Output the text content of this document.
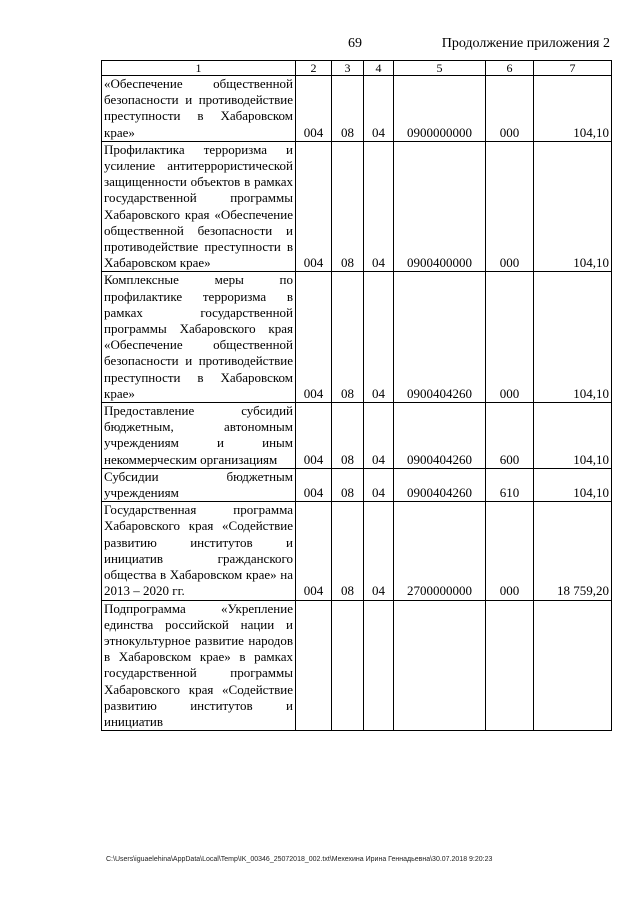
69	Продолжение приложения 2
1	2	3	4	5	6	7
«Обеспечение общественной безопасности и противодействие преступности в Хабаровском крае»	004	08	04	0900000000	000	104,10
Профилактика терроризма и усиление антитеррористической защищенности объектов в рамках государственной программы Хабаровского края «Обеспечение общественной безопасности и противодействие преступности в Хабаровском крае»	004	08	04	0900400000	000	104,10
Комплексные меры по профилактике терроризма в рамках государственной программы Хабаровского края «Обеспечение общественной безопасности и противодействие преступности в Хабаровском крае»	004	08	04	0900404260	000	104,10
Предоставление субсидий бюджетным, автономным учреждениям и иным некоммерческим организациям	004	08	04	0900404260	600	104,10
Субсидии бюджетным учреждениям	004	08	04	0900404260	610	104,10
Государственная программа Хабаровского края «Содействие развитию институтов и инициатив гражданского общества в Хабаровском крае» на 2013 – 2020 гг.	004	08	04	2700000000	000	18 759,20
Подпрограмма «Укрепление единства российской нации и этнокультурное развитие народов в Хабаровском крае» в рамках государственной программы Хабаровского края «Содействие развитию институтов и инициатив						
C:\Users\iguaelehina\AppData\Local\Temp\IK_00346_25072018_002.txt\Мехехина Ирина Геннадьевна\30.07.2018 9:20:23
